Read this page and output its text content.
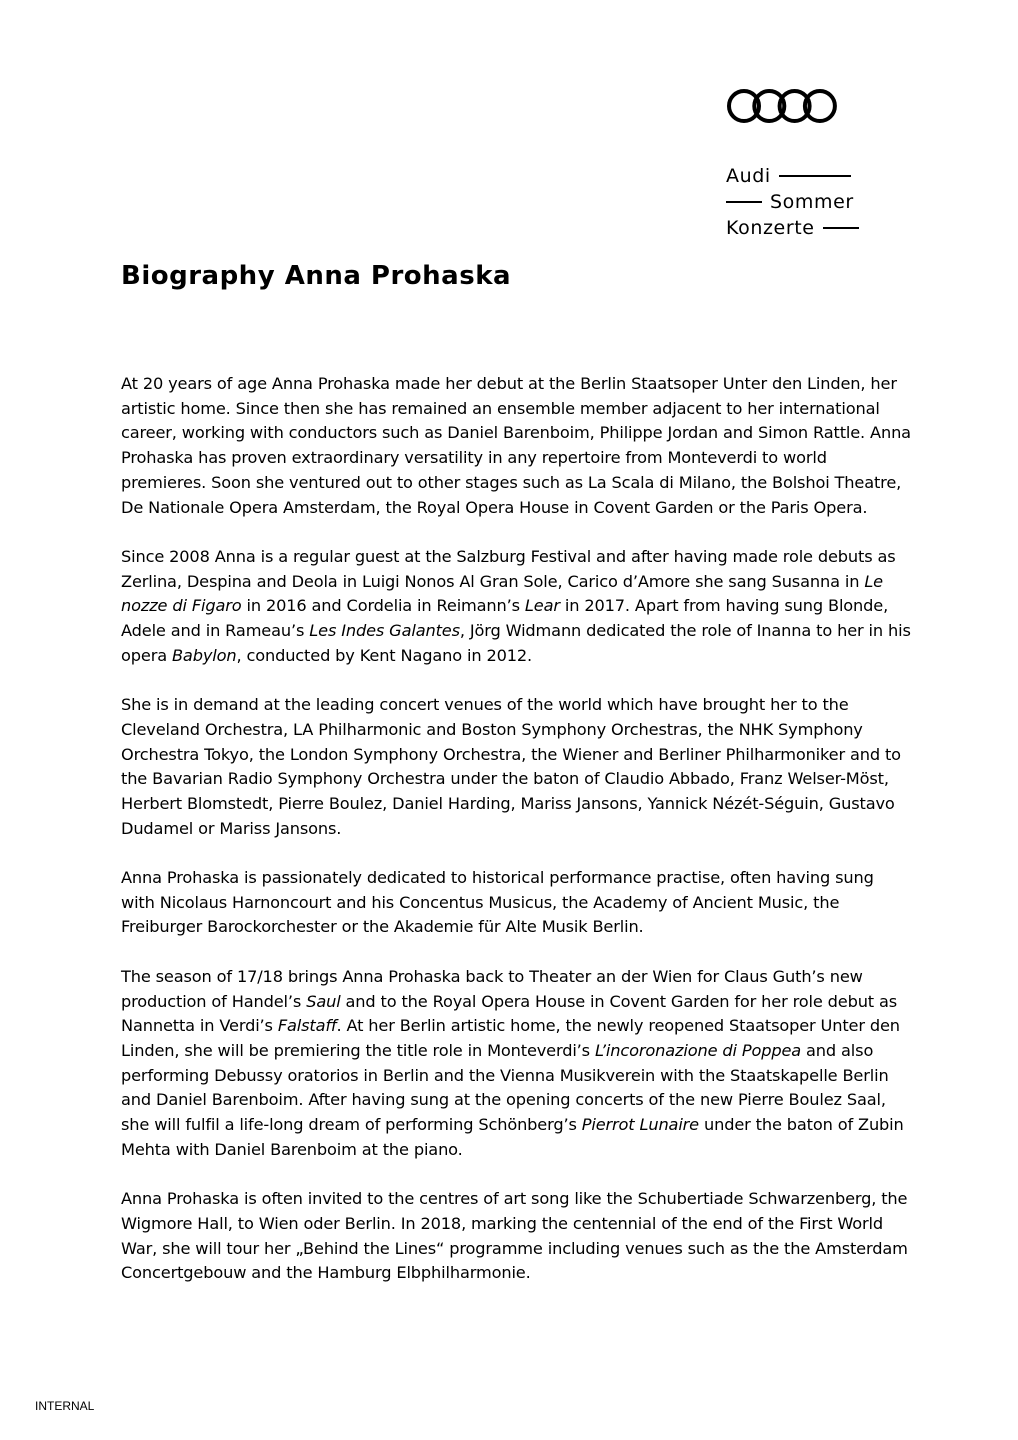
Audi
Sommer
Konzerte
Biography Anna Prohaska

At 20 years of age Anna Prohaska made her debut at the Berlin Staatsoper Unter den Linden, her artistic home. Since then she has remained an ensemble member adjacent to her international career, working with conductors such as Daniel Barenboim, Philippe Jordan and Simon Rattle. Anna Prohaska has proven extraordinary versatility in any repertoire from Monteverdi to world premieres. Soon she ventured out to other stages such as La Scala di Milano, the Bolshoi Theatre, De Nationale Opera Amsterdam, the Royal Opera House in Covent Garden or the Paris Opera.

Since 2008 Anna is a regular guest at the Salzburg Festival and after having made role debuts as Zerlina, Despina and Deola in Luigi Nonos Al Gran Sole, Carico d’Amore she sang Susanna in Le nozze di Figaro in 2016 and Cordelia in Reimann’s Lear in 2017. Apart from having sung Blonde, Adele and in Rameau’s Les Indes Galantes, Jörg Widmann dedicated the role of Inanna to her in his opera Babylon, conducted by Kent Nagano in 2012.

She is in demand at the leading concert venues of the world which have brought her to the Cleveland Orchestra, LA Philharmonic and Boston Symphony Orchestras, the NHK Symphony Orchestra Tokyo, the London Symphony Orchestra, the Wiener and Berliner Philharmoniker and to the Bavarian Radio Symphony Orchestra under the baton of Claudio Abbado, Franz Welser-Möst, Herbert Blomstedt, Pierre Boulez, Daniel Harding, Mariss Jansons, Yannick Nézét-Séguin, Gustavo Dudamel or Mariss Jansons.

Anna Prohaska is passionately dedicated to historical performance practise, often having sung with Nicolaus Harnoncourt and his Concentus Musicus, the Academy of Ancient Music, the Freiburger Barockorchester or the Akademie für Alte Musik Berlin.

The season of 17/18 brings Anna Prohaska back to Theater an der Wien for Claus Guth’s new production of Handel’s Saul and to the Royal Opera House in Covent Garden for her role debut as Nannetta in Verdi’s Falstaff. At her Berlin artistic home, the newly reopened Staatsoper Unter den Linden, she will be premiering the title role in Monteverdi’s L’incoronazione di Poppea and also performing Debussy oratorios in Berlin and the Vienna Musikverein with the Staatskapelle Berlin and Daniel Barenboim. After having sung at the opening concerts of the new Pierre Boulez Saal, she will fulfil a life-long dream of performing Schönberg’s Pierrot Lunaire under the baton of Zubin Mehta with Daniel Barenboim at the piano.

Anna Prohaska is often invited to the centres of art song like the Schubertiade Schwarzenberg, the Wigmore Hall, to Wien oder Berlin. In 2018, marking the centennial of the end of the First World War, she will tour her „Behind the Lines“ programme including venues such as the the Amsterdam Concertgebouw and the Hamburg Elbphilharmonie.

INTERNAL
